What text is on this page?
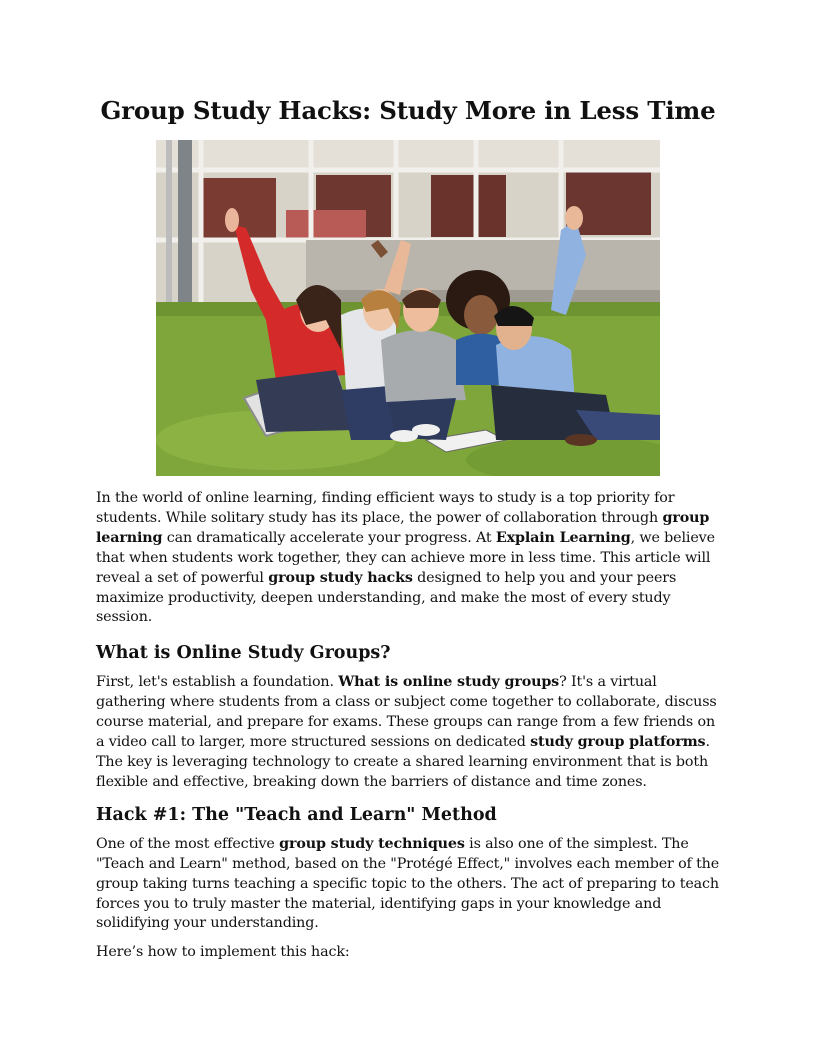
Group Study Hacks: Study More in Less Time

In the world of online learning, finding efficient ways to study is a top priority for students. While solitary study has its place, the power of collaboration through group learning can dramatically accelerate your progress. At Explain Learning, we believe that when students work together, they can achieve more in less time. This article will reveal a set of powerful group study hacks designed to help you and your peers maximize productivity, deepen understanding, and make the most of every study session.

What is Online Study Groups?

First, let's establish a foundation. What is online study groups? It's a virtual gathering where students from a class or subject come together to collaborate, discuss course material, and prepare for exams. These groups can range from a few friends on a video call to larger, more structured sessions on dedicated study group platforms. The key is leveraging technology to create a shared learning environment that is both flexible and effective, breaking down the barriers of distance and time zones.

Hack #1: The "Teach and Learn" Method

One of the most effective group study techniques is also one of the simplest. The "Teach and Learn" method, based on the "Protégé Effect," involves each member of the group taking turns teaching a specific topic to the others. The act of preparing to teach forces you to truly master the material, identifying gaps in your knowledge and solidifying your understanding.

Here’s how to implement this hack:
